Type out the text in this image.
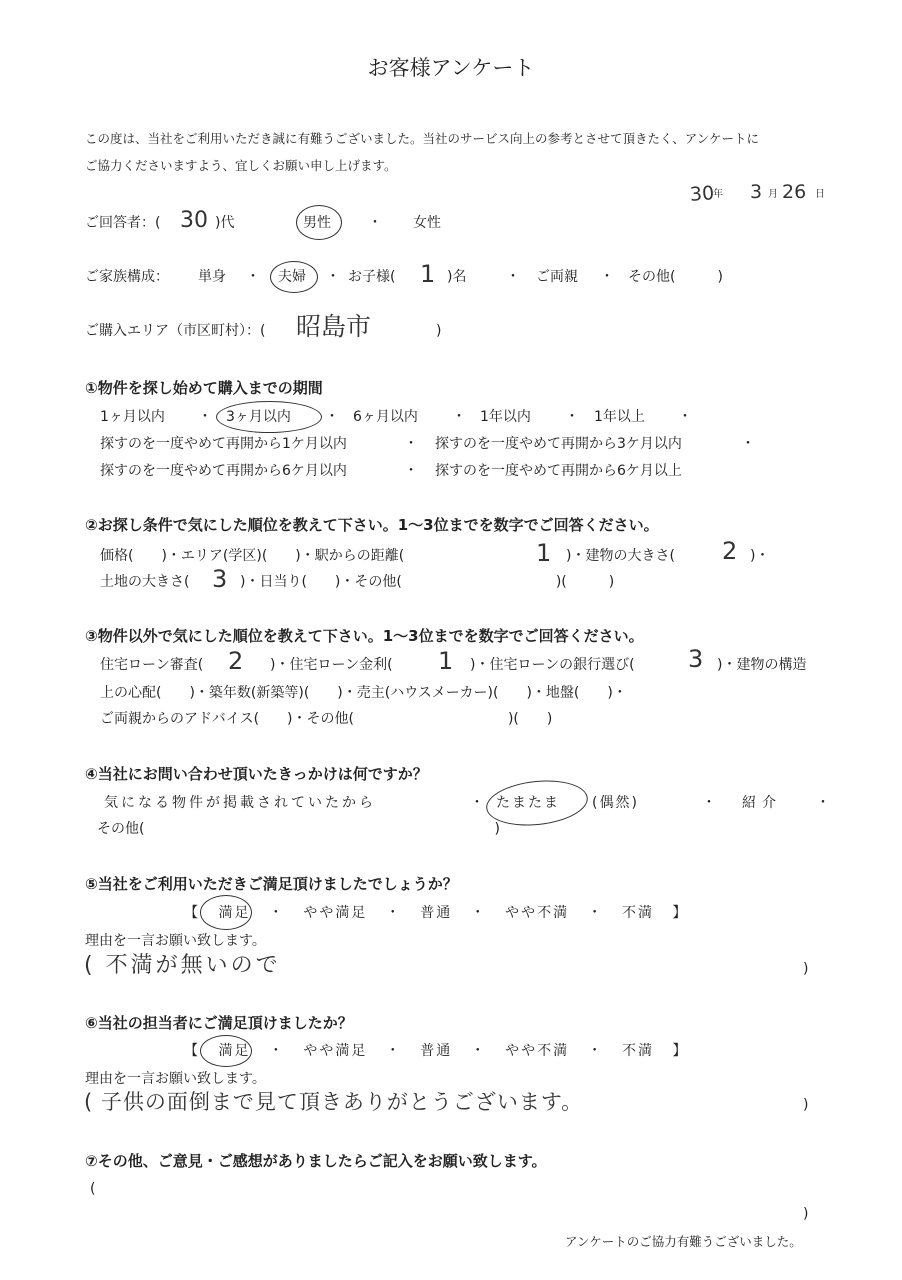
お客様アンケート
この度は、当社をご利用いただき誠に有難うございました。当社のサービス向上の参考とさせて頂きたく、アンケートに
ご協力くださいますよう、宜しくお願い申し上げます。
30
年 3 月 26 日
ご回答者：( 30 )代	男性	・ 女性
ご家族構成： 単身 ・ 夫婦 ・ お子様( 1 )名	・ ご両親 ・ その他(　　　)
ご購入エリア（市区町村）：( 昭島市	)
①物件を探し始めて購入までの期間
1ヶ月以内 ・ 3ヶ月以内 ・ 6ヶ月以内 ・ 1年以内 ・ 1年以上 ・
探すのを一度やめて再開から1ケ月以内	・ 探すのを一度やめて再開から3ケ月以内	・
探すのを一度やめて再開から6ケ月以内	・ 探すのを一度やめて再開から6ケ月以上
②お探し条件で気にした順位を教えて下さい。1〜3位までを数字でご回答ください。
価格(　　)・エリア(学区)(　　)・駅からの距離(	1 )・建物の大きさ( 2 )・
土地の大きさ( 3 )・日当り(　　)・その他(　　　　　　　　　　　)(　　　)
③物件以外で気にした順位を教えて下さい。1〜3位までを数字でご回答ください。
住宅ローン審査( 2 )・住宅ローン金利( 1 )・住宅ローンの銀行選び( 3 )・建物の構造
上の心配(　　)・築年数(新築等)(　　)・売主(ハウスメーカー)(　　)・地盤(　　)・
ご両親からのアドバイス(　　)・その他(　　　　　　　　　　　)(　　)
④当社にお問い合わせ頂いたきっかけは何ですか？
気になる物件が掲載されていたから	・ たまたま (偶然)	・ 紹介 ・
その他(　　　　　　　　　　　　　　　　　　　　　　　　　)
⑤当社をご利用いただきご満足頂けましたでしょうか？
【 満足 ・ やや満足 ・ 普通 ・ やや不満 ・ 不満 】
理由を一言お願い致します。
( 不満が無いので	)
⑥当社の担当者にご満足頂けましたか？
【 満足 ・ やや満足 ・ 普通 ・ やや不満 ・ 不満 】
理由を一言お願い致します。
( 子供の面倒まで見て頂きありがとうございます。	)
⑦その他、ご意見・ご感想がありましたらご記入をお願い致します。
(
)
アンケートのご協力有難うございました。
